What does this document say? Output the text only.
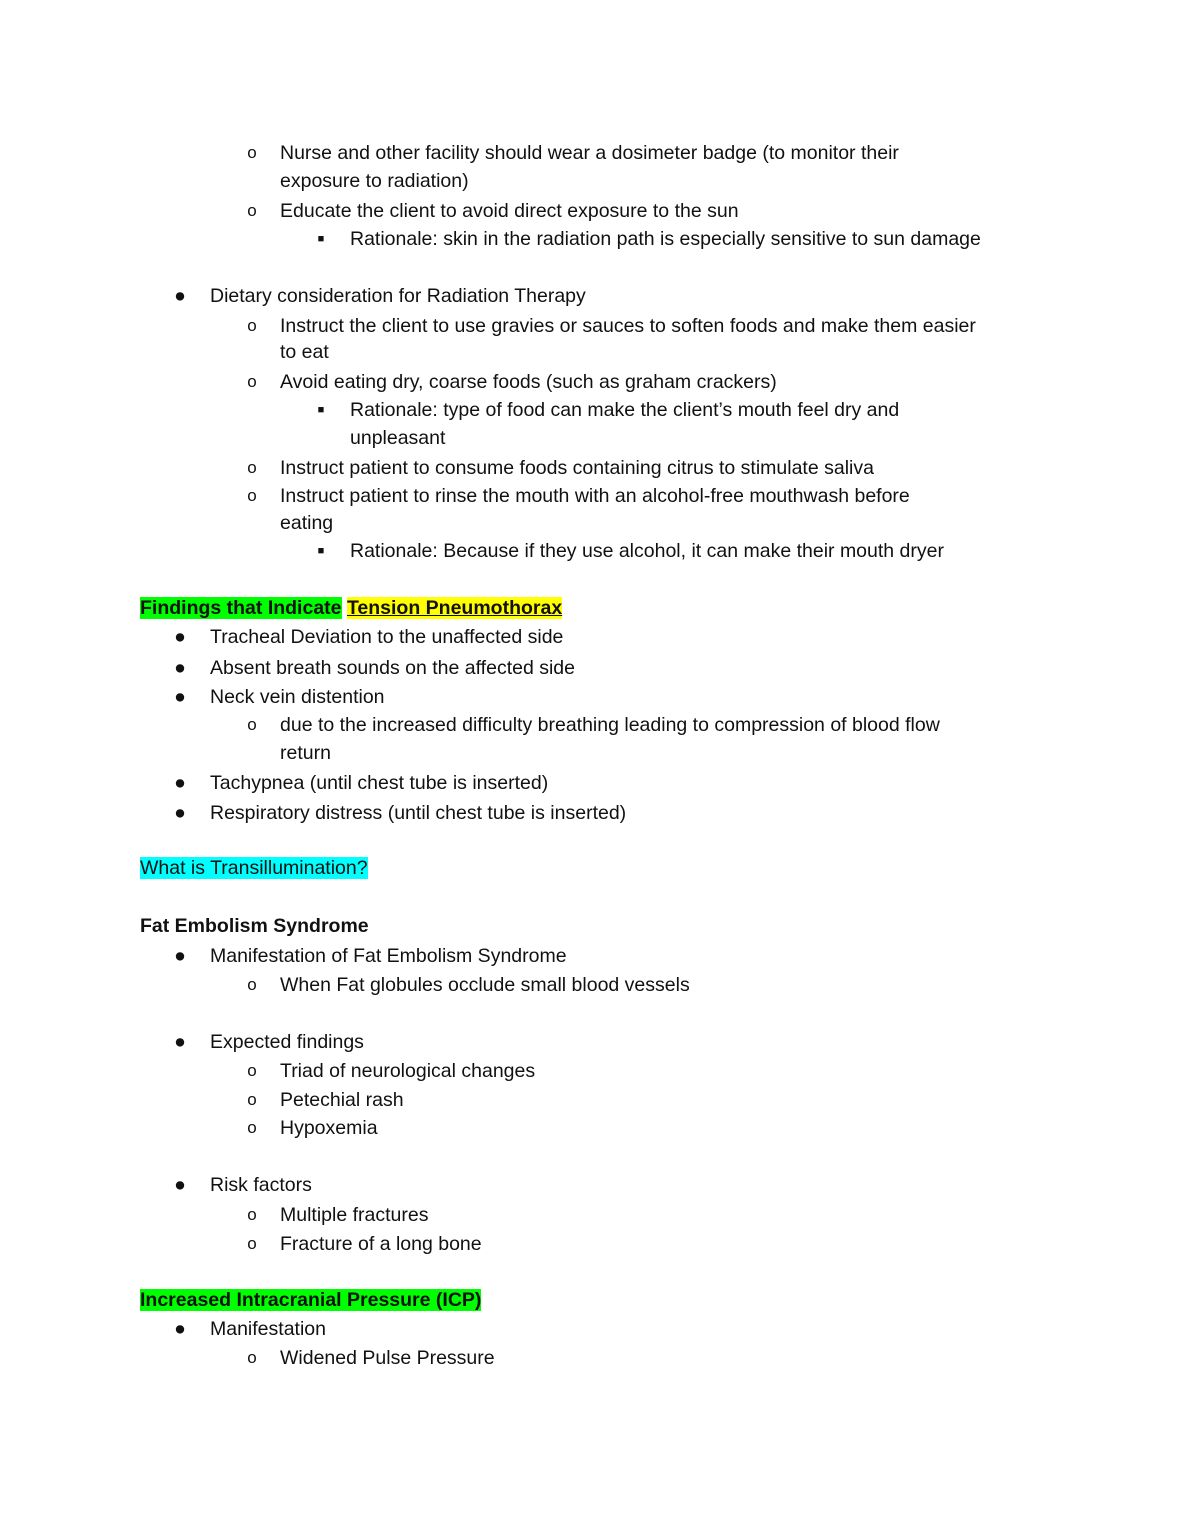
o Nurse and other facility should wear a dosimeter badge (to monitor their
exposure to radiation)
o Educate the client to avoid direct exposure to the sun
■	Rationale: skin in the radiation path is especially sensitive to sun damage
● Dietary consideration for Radiation Therapy
o Instruct the client to use gravies or sauces to soften foods and make them easier
to eat
o Avoid eating dry, coarse foods (such as graham crackers)
■	Rationale: type of food can make the client’s mouth feel dry and
unpleasant
o Instruct patient to consume foods containing citrus to stimulate saliva
o Instruct patient to rinse the mouth with an alcohol-free mouthwash before
eating
■	Rationale: Because if they use alcohol, it can make their mouth dryer
Findings that Indicate Tension Pneumothorax
● Tracheal Deviation to the unaffected side
● Absent breath sounds on the affected side
● Neck vein distention
o due to the increased difficulty breathing leading to compression of blood flow
return
● Tachypnea (until chest tube is inserted)
● Respiratory distress (until chest tube is inserted)
What is Transillumination?
Fat Embolism Syndrome
● Manifestation of Fat Embolism Syndrome
o When Fat globules occlude small blood vessels
● Expected findings
o Triad of neurological changes
o Petechial rash
o Hypoxemia
● Risk factors
o Multiple fractures
o Fracture of a long bone
Increased Intracranial Pressure (ICP)
● Manifestation
o Widened Pulse Pressure
